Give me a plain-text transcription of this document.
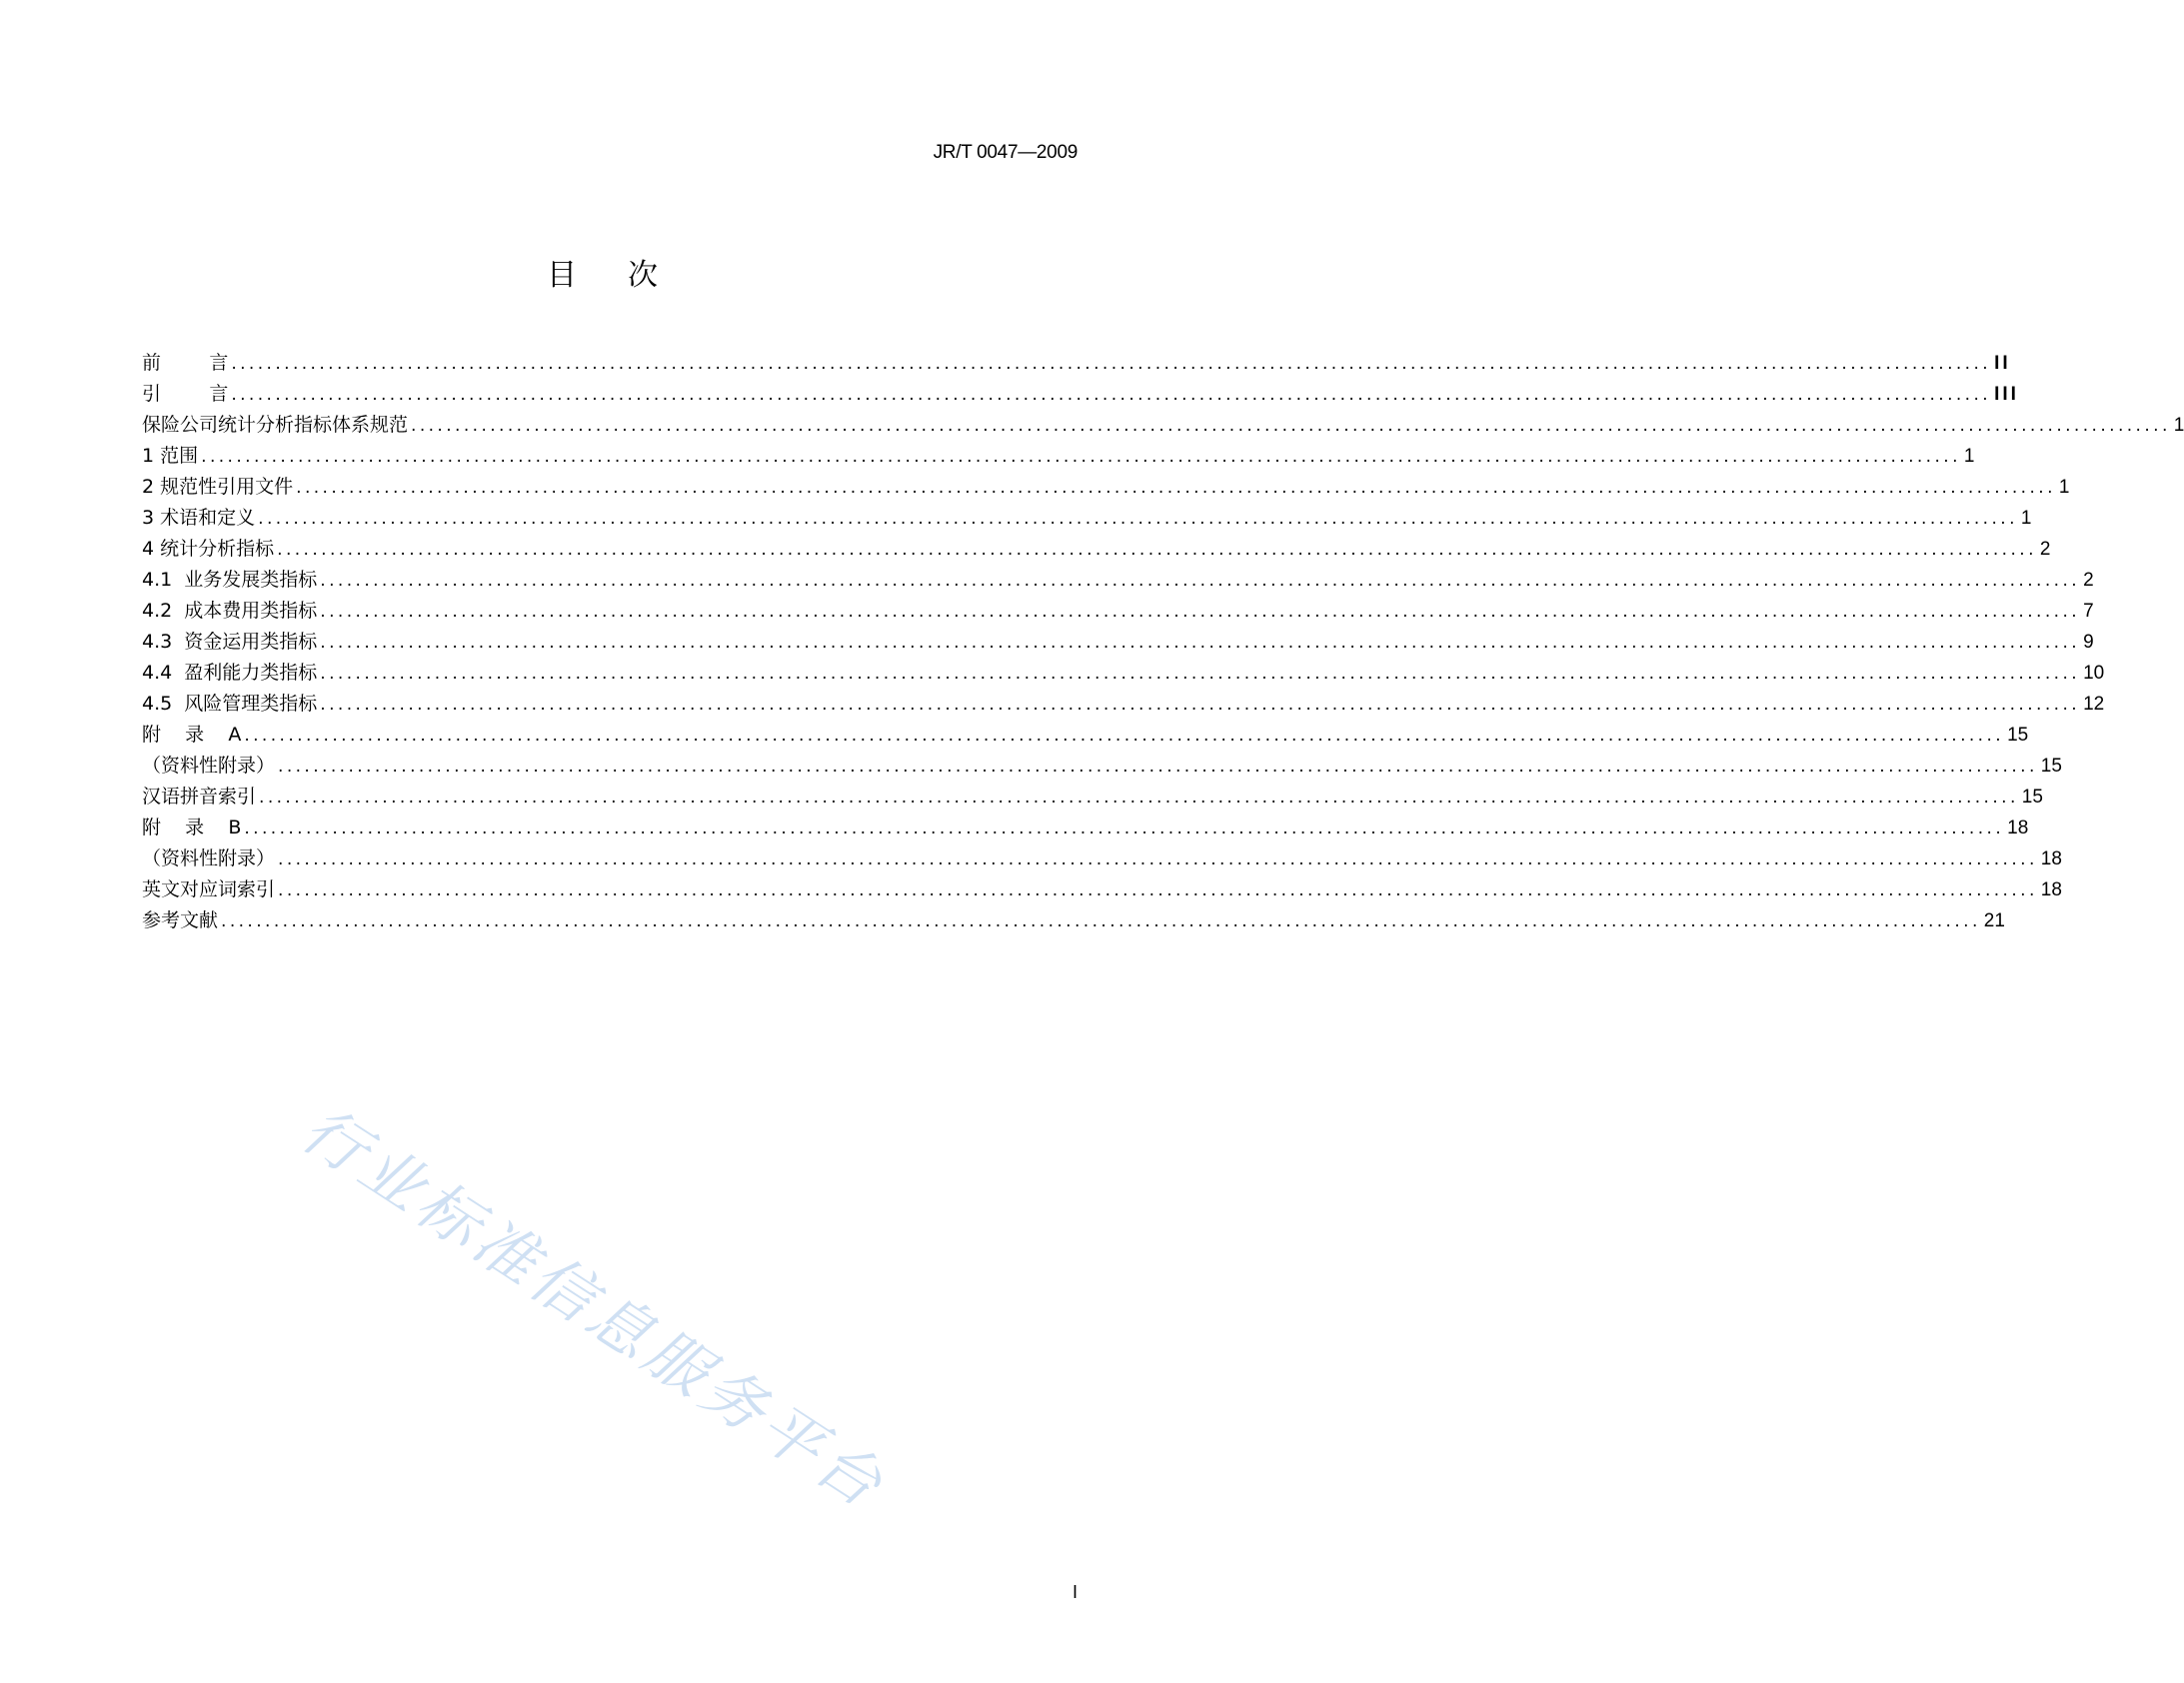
JR/T 0047—2009
目 次
前        言 ........................................................................................................................................................................................................ II
引        言 ........................................................................................................................................................................................................ III
保险公司统计分析指标体系规范 ........................................................................................................................................................................................................ 1
1 范围 ........................................................................................................................................................................................................ 1
2 规范性引用文件 ........................................................................................................................................................................................................ 1
3 术语和定义 ........................................................................................................................................................................................................ 1
4 统计分析指标 ........................................................................................................................................................................................................ 2
4.1  业务发展类指标 ........................................................................................................................................................................................................ 2
4.2  成本费用类指标 ........................................................................................................................................................................................................ 7
4.3  资金运用类指标 ........................................................................................................................................................................................................ 9
4.4  盈利能力类指标 ........................................................................................................................................................................................................ 10
4.5  风险管理类指标 ........................................................................................................................................................................................................ 12
附    录    A ........................................................................................................................................................................................................ 15
（资料性附录） ........................................................................................................................................................................................................ 15
汉语拼音索引 ........................................................................................................................................................................................................ 15
附    录    B ........................................................................................................................................................................................................ 18
（资料性附录） ........................................................................................................................................................................................................ 18
英文对应词索引 ........................................................................................................................................................................................................ 18
参考文献 ........................................................................................................................................................................................................ 21
行业标准信息服务平台
I
